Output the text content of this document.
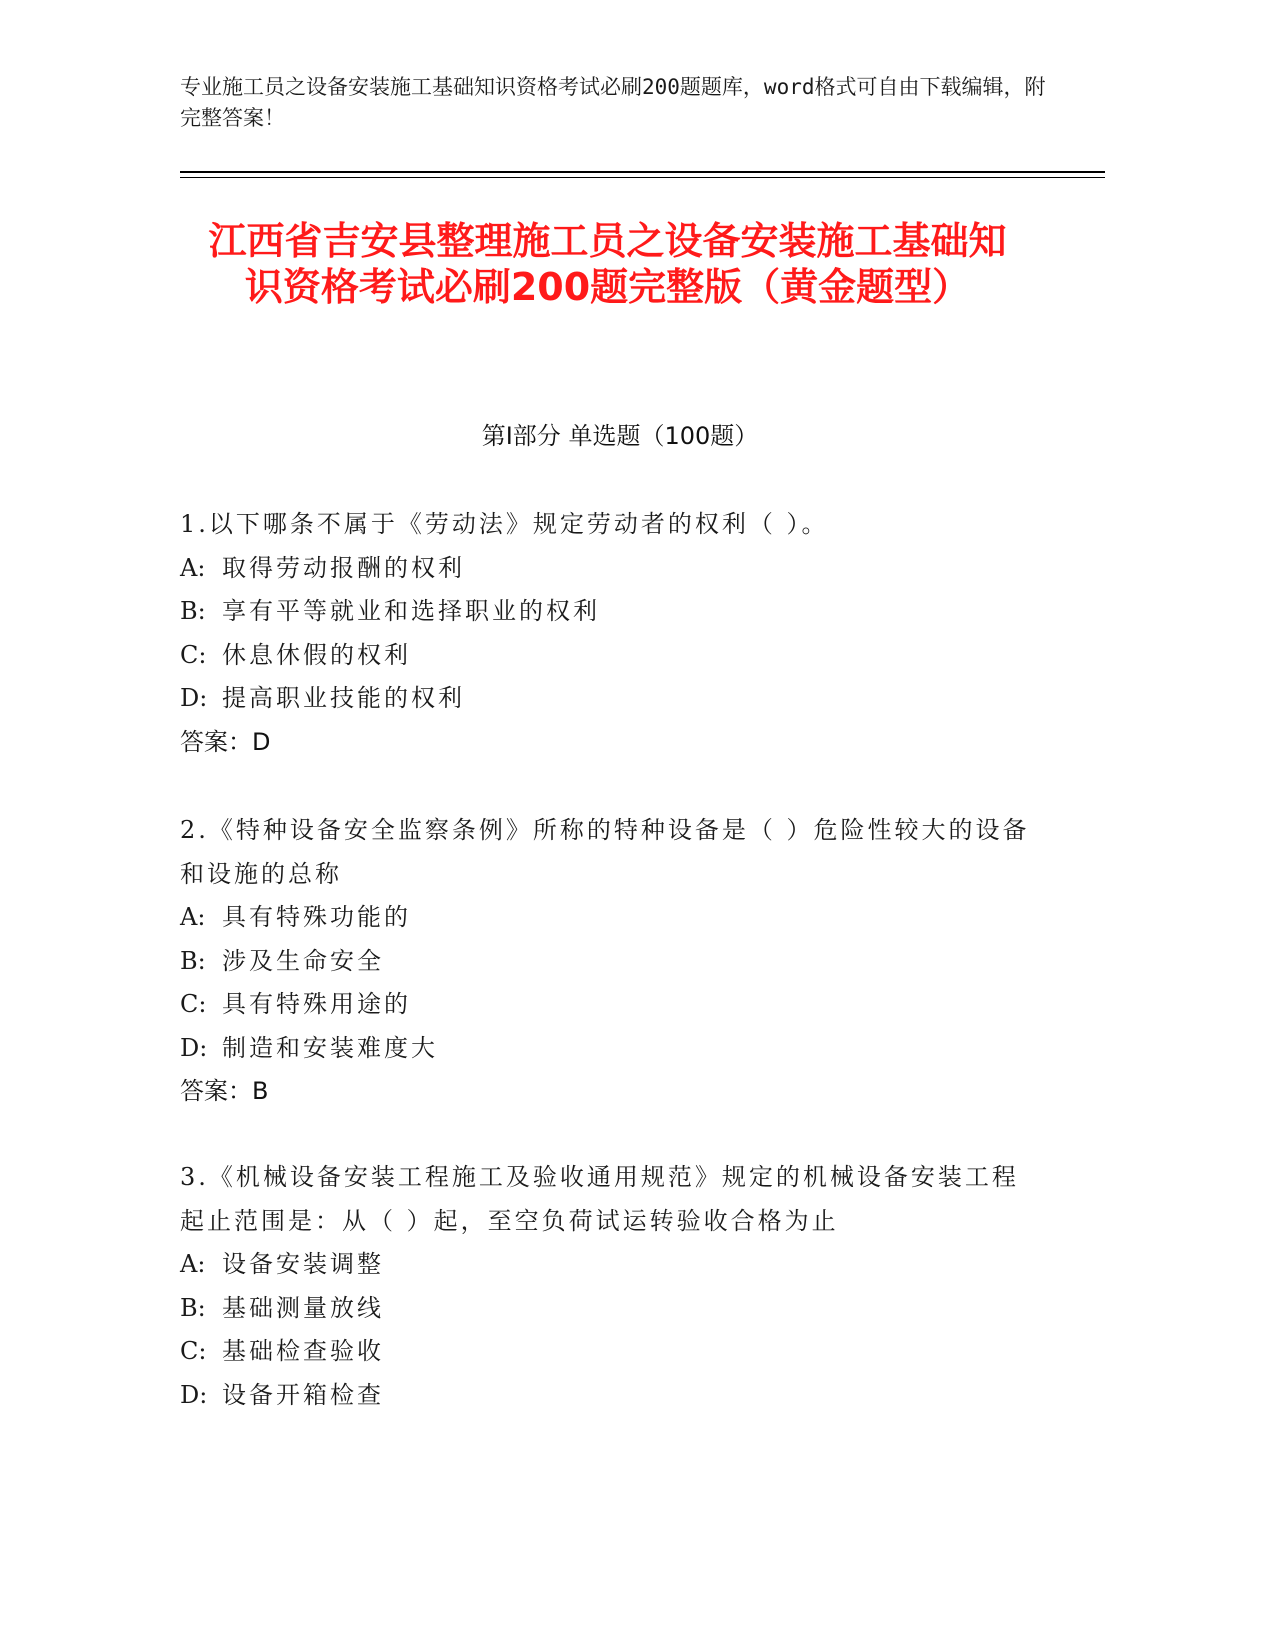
专业施工员之设备安装施工基础知识资格考试必刷200题题库，word格式可自由下载编辑，附完整答案！
江西省吉安县整理施工员之设备安装施工基础知识资格考试必刷200题完整版（黄金题型）
第Ⅰ部分 单选题（100题）
1.以下哪条不属于《劳动法》规定劳动者的权利（ ）。
A: 取得劳动报酬的权利
B: 享有平等就业和选择职业的权利
C: 休息休假的权利
D: 提高职业技能的权利
答案：D
2.《特种设备安全监察条例》所称的特种设备是（ ）危险性较大的设备和设施的总称
A: 具有特殊功能的
B: 涉及生命安全
C: 具有特殊用途的
D: 制造和安装难度大
答案：B
3.《机械设备安装工程施工及验收通用规范》规定的机械设备安装工程起止范围是：从（ ）起，至空负荷试运转验收合格为止
A: 设备安装调整
B: 基础测量放线
C: 基础检查验收
D: 设备开箱检查
